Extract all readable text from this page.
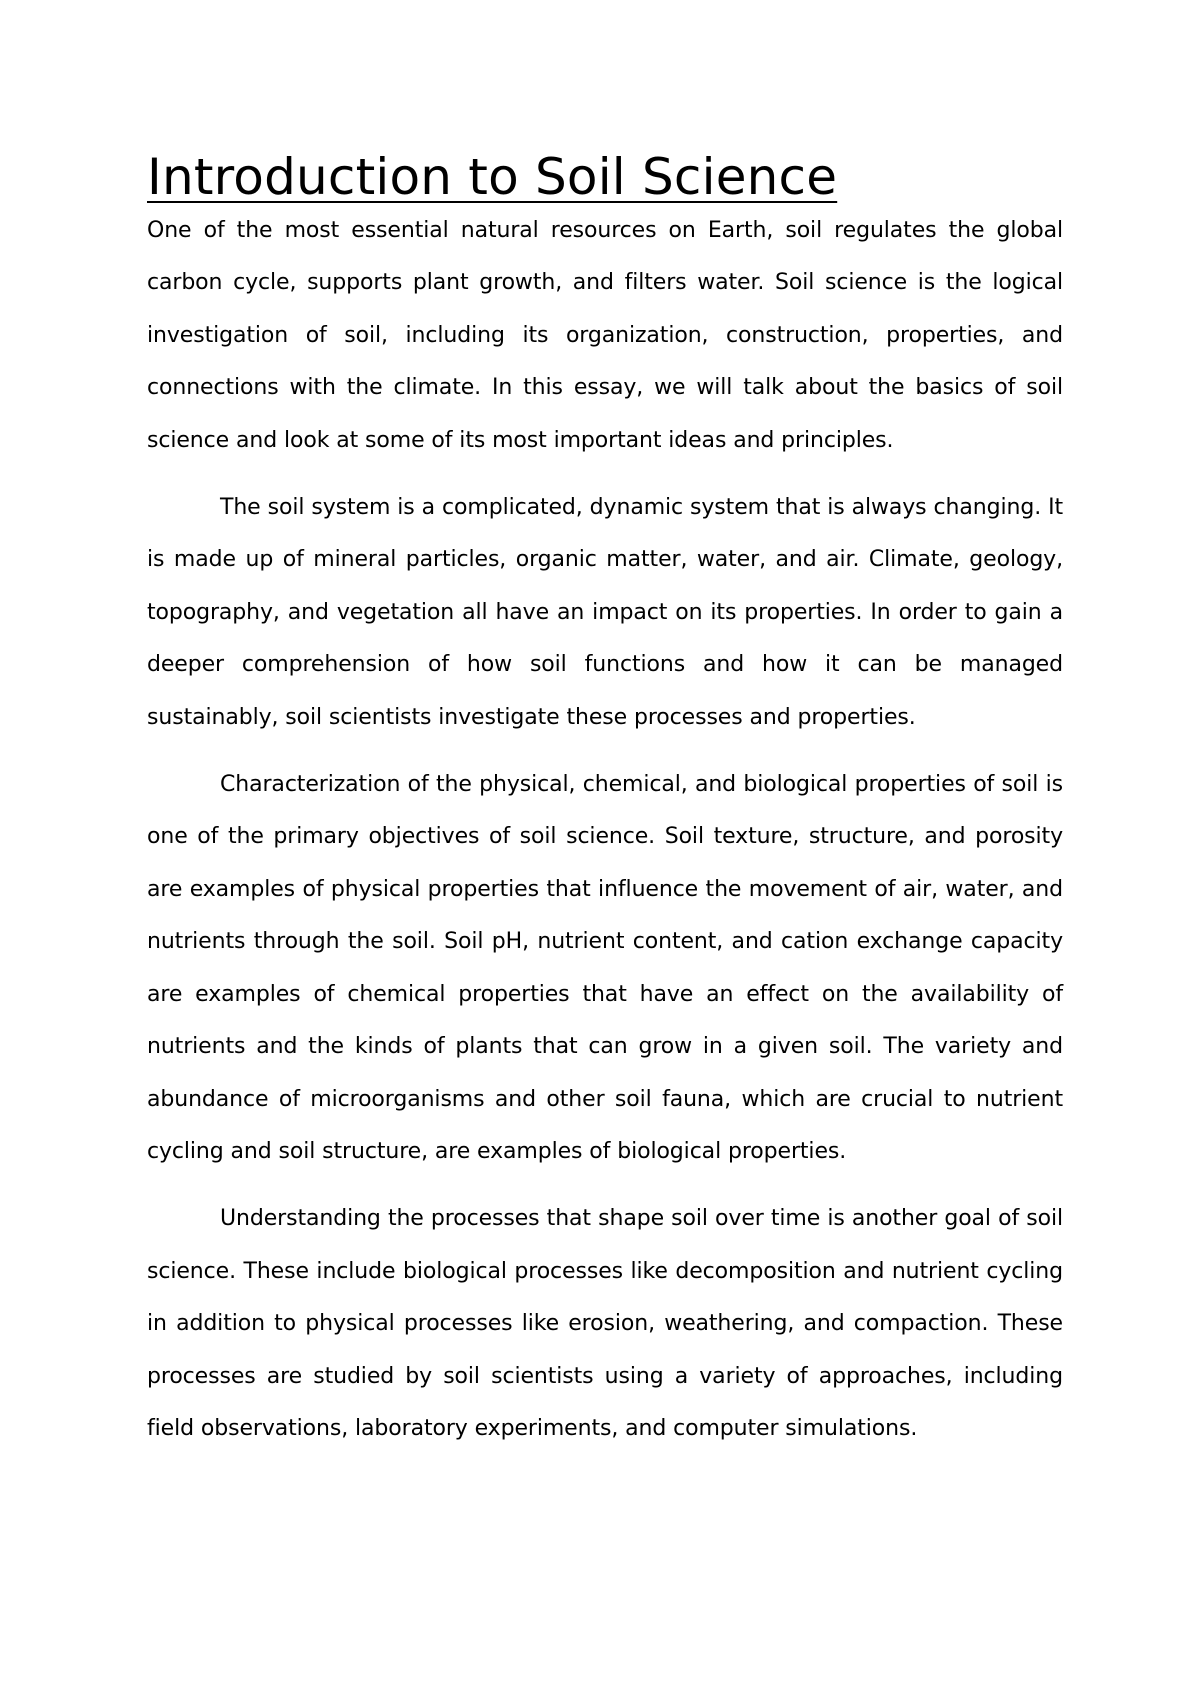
Introduction to Soil Science

One of the most essential natural resources on Earth, soil regulates the global carbon cycle, supports plant growth, and filters water. Soil science is the logical investigation of soil, including its organization, construction, properties, and connections with the climate. In this essay, we will talk about the basics of soil science and look at some of its most important ideas and principles.

The soil system is a complicated, dynamic system that is always changing. It is made up of mineral particles, organic matter, water, and air. Climate, geology, topography, and vegetation all have an impact on its properties. In order to gain a deeper comprehension of how soil functions and how it can be managed sustainably, soil scientists investigate these processes and properties.

Characterization of the physical, chemical, and biological properties of soil is one of the primary objectives of soil science. Soil texture, structure, and porosity are examples of physical properties that influence the movement of air, water, and nutrients through the soil. Soil pH, nutrient content, and cation exchange capacity are examples of chemical properties that have an effect on the availability of nutrients and the kinds of plants that can grow in a given soil. The variety and abundance of microorganisms and other soil fauna, which are crucial to nutrient cycling and soil structure, are examples of biological properties.

Understanding the processes that shape soil over time is another goal of soil science. These include biological processes like decomposition and nutrient cycling in addition to physical processes like erosion, weathering, and compaction. These processes are studied by soil scientists using a variety of approaches, including field observations, laboratory experiments, and computer simulations.
